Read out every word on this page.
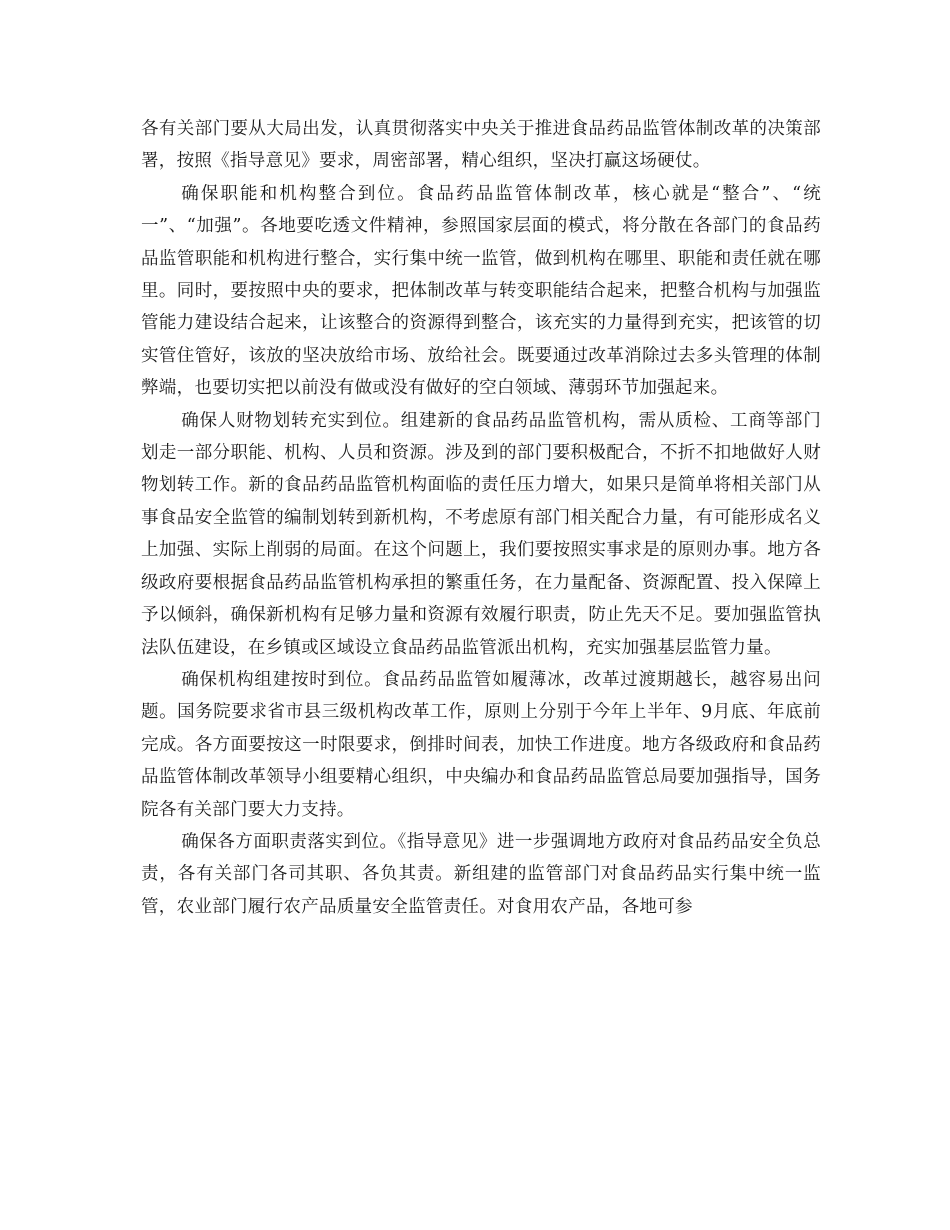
各有关部门要从大局出发，认真贯彻落实中央关于推进食品药品监管体制改革的决策部署，按照《指导意见》要求，周密部署，精心组织，坚决打赢这场硬仗。

确保职能和机构整合到位。食品药品监管体制改革，核心就是“整合”、“统一”、“加强”。各地要吃透文件精神，参照国家层面的模式，将分散在各部门的食品药品监管职能和机构进行整合，实行集中统一监管，做到机构在哪里、职能和责任就在哪里。同时，要按照中央的要求，把体制改革与转变职能结合起来，把整合机构与加强监管能力建设结合起来，让该整合的资源得到整合，该充实的力量得到充实，把该管的切实管住管好，该放的坚决放给市场、放给社会。既要通过改革消除过去多头管理的体制弊端，也要切实把以前没有做或没有做好的空白领域、薄弱环节加强起来。

确保人财物划转充实到位。组建新的食品药品监管机构，需从质检、工商等部门划走一部分职能、机构、人员和资源。涉及到的部门要积极配合，不折不扣地做好人财物划转工作。新的食品药品监管机构面临的责任压力增大，如果只是简单将相关部门从事食品安全监管的编制划转到新机构，不考虑原有部门相关配合力量，有可能形成名义上加强、实际上削弱的局面。在这个问题上，我们要按照实事求是的原则办事。地方各级政府要根据食品药品监管机构承担的繁重任务，在力量配备、资源配置、投入保障上予以倾斜，确保新机构有足够力量和资源有效履行职责，防止先天不足。要加强监管执法队伍建设，在乡镇或区域设立食品药品监管派出机构，充实加强基层监管力量。

确保机构组建按时到位。食品药品监管如履薄冰，改革过渡期越长，越容易出问题。国务院要求省市县三级机构改革工作，原则上分别于今年上半年、9月底、年底前完成。各方面要按这一时限要求，倒排时间表，加快工作进度。地方各级政府和食品药品监管体制改革领导小组要精心组织，中央编办和食品药品监管总局要加强指导，国务院各有关部门要大力支持。

确保各方面职责落实到位。《指导意见》进一步强调地方政府对食品药品安全负总责，各有关部门各司其职、各负其责。新组建的监管部门对食品药品实行集中统一监管，农业部门履行农产品质量安全监管责任。对食用农产品，各地可参
